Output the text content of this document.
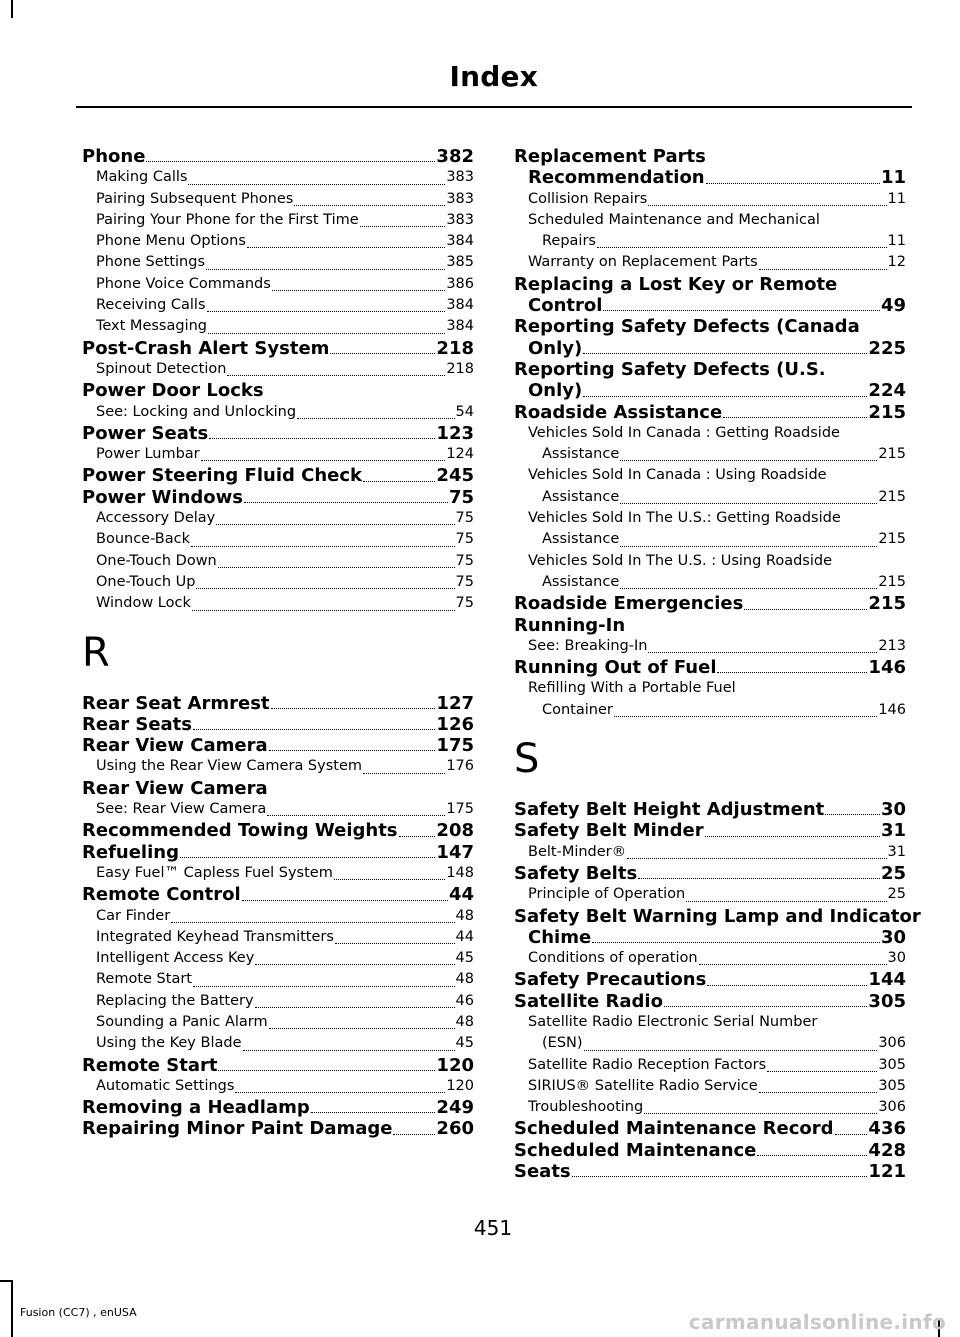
Index
Phone	382
Making Calls	383
Pairing Subsequent Phones	383
Pairing Your Phone for the First Time	383
Phone Menu Options	384
Phone Settings	385
Phone Voice Commands	386
Receiving Calls	384
Text Messaging	384
Post-Crash Alert System	218
Spinout Detection	218
Power Door Locks
See: Locking and Unlocking	54
Power Seats	123
Power Lumbar	124
Power Steering Fluid Check	245
Power Windows	75
Accessory Delay	75
Bounce-Back	75
One-Touch Down	75
One-Touch Up	75
Window Lock	75
R
Rear Seat Armrest	127
Rear Seats	126
Rear View Camera	175
Using the Rear View Camera System	176
Rear View Camera
See: Rear View Camera	175
Recommended Towing Weights 208
Refueling	147
Easy Fuel™ Capless Fuel System	148
Remote Control	44
Car Finder	48
Integrated Keyhead Transmitters	44
Intelligent Access Key	45
Remote Start	48
Replacing the Battery	46
Sounding a Panic Alarm	48
Using the Key Blade	45
Remote Start	120
Automatic Settings	120
Removing a Headlamp	249
Repairing Minor Paint Damage 260
Replacement Parts
Recommendation	11
Collision Repairs	11
Scheduled Maintenance and Mechanical
Repairs	11
Warranty on Replacement Parts	12
Replacing a Lost Key or Remote
Control	49
Reporting Safety Defects (Canada
Only)	225
Reporting Safety Defects (U.S.
Only)	224
Roadside Assistance	215
Vehicles Sold In Canada : Getting Roadside
Assistance	215
Vehicles Sold In Canada : Using Roadside
Assistance	215
Vehicles Sold In The U.S.: Getting Roadside
Assistance	215
Vehicles Sold In The U.S. : Using Roadside
Assistance	215
Roadside Emergencies	215
Running-In
See: Breaking-In	213
Running Out of Fuel	146
Refilling With a Portable Fuel
Container	146
S
Safety Belt Height Adjustment	30
Safety Belt Minder	31
Belt-Minder®	31
Safety Belts	25
Principle of Operation	25
Safety Belt Warning Lamp and Indicator
Chime	30
Conditions of operation	30
Safety Precautions	144
Satellite Radio	305
Satellite Radio Electronic Serial Number
(ESN)	306
Satellite Radio Reception Factors	305
SIRIUS® Satellite Radio Service	305
Troubleshooting	306
Scheduled Maintenance Record 436
Scheduled Maintenance	428
Seats	121
451
Fusion (CC7) , enUSA	carmanualsonline.info
